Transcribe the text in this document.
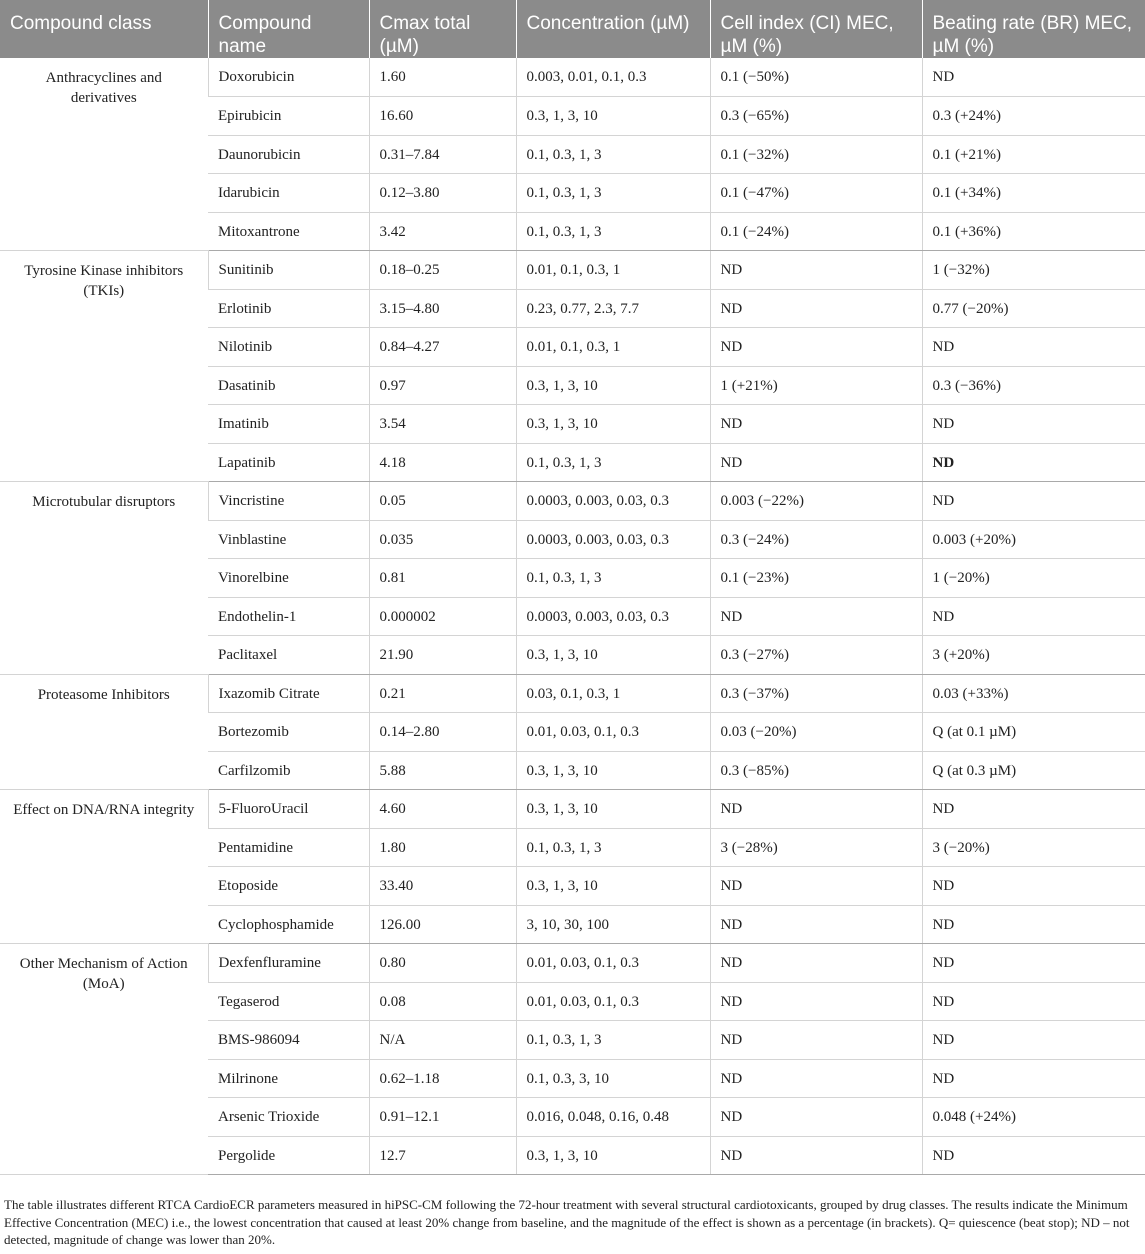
Compound class	Compound name	Cmax total (µM)	Concentration (µM)	Cell index (CI) MEC, µM (%)	Beating rate (BR) MEC, µM (%)
Anthracyclines and derivatives	Doxorubicin	1.60	0.003, 0.01, 0.1, 0.3	0.1 (−50%)	ND
	Epirubicin	16.60	0.3, 1, 3, 10	0.3 (−65%)	0.3 (+24%)
	Daunorubicin	0.31–7.84	0.1, 0.3, 1, 3	0.1 (−32%)	0.1 (+21%)
	Idarubicin	0.12–3.80	0.1, 0.3, 1, 3	0.1 (−47%)	0.1 (+34%)
	Mitoxantrone	3.42	0.1, 0.3, 1, 3	0.1 (−24%)	0.1 (+36%)
Tyrosine Kinase inhibitors (TKIs)	Sunitinib	0.18–0.25	0.01, 0.1, 0.3, 1	ND	1 (−32%)
	Erlotinib	3.15–4.80	0.23, 0.77, 2.3, 7.7	ND	0.77 (−20%)
	Nilotinib	0.84–4.27	0.01, 0.1, 0.3, 1	ND	ND
	Dasatinib	0.97	0.3, 1, 3, 10	1 (+21%)	0.3 (−36%)
	Imatinib	3.54	0.3, 1, 3, 10	ND	ND
	Lapatinib	4.18	0.1, 0.3, 1, 3	ND	ND
Microtubular disruptors	Vincristine	0.05	0.0003, 0.003, 0.03, 0.3	0.003 (−22%)	ND
	Vinblastine	0.035	0.0003, 0.003, 0.03, 0.3	0.3 (−24%)	0.003 (+20%)
	Vinorelbine	0.81	0.1, 0.3, 1, 3	0.1 (−23%)	1 (−20%)
	Endothelin-1	0.000002	0.0003, 0.003, 0.03, 0.3	ND	ND
	Paclitaxel	21.90	0.3, 1, 3, 10	0.3 (−27%)	3 (+20%)
Proteasome Inhibitors	Ixazomib Citrate	0.21	0.03, 0.1, 0.3, 1	0.3 (−37%)	0.03 (+33%)
	Bortezomib	0.14–2.80	0.01, 0.03, 0.1, 0.3	0.03 (−20%)	Q (at 0.1 µM)
	Carfilzomib	5.88	0.3, 1, 3, 10	0.3 (−85%)	Q (at 0.3 µM)
Effect on DNA/RNA integrity	5-FluoroUracil	4.60	0.3, 1, 3, 10	ND	ND
	Pentamidine	1.80	0.1, 0.3, 1, 3	3 (−28%)	3 (−20%)
	Etoposide	33.40	0.3, 1, 3, 10	ND	ND
	Cyclophosphamide	126.00	3, 10, 30, 100	ND	ND
Other Mechanism of Action (MoA)	Dexfenfluramine	0.80	0.01, 0.03, 0.1, 0.3	ND	ND
	Tegaserod	0.08	0.01, 0.03, 0.1, 0.3	ND	ND
	BMS-986094	N/A	0.1, 0.3, 1, 3	ND	ND
	Milrinone	0.62–1.18	0.1, 0.3, 3, 10	ND	ND
	Arsenic Trioxide	0.91–12.1	0.016, 0.048, 0.16, 0.48	ND	0.048 (+24%)
	Pergolide	12.7	0.3, 1, 3, 10	ND	ND

The table illustrates different RTCA CardioECR parameters measured in hiPSC-CM following the 72-hour treatment with several structural cardiotoxicants, grouped by drug classes. The results indicate the Minimum Effective Concentration (MEC) i.e., the lowest concentration that caused at least 20% change from baseline, and the magnitude of the effect is shown as a percentage (in brackets). Q= quiescence (beat stop); ND – not detected, magnitude of change was lower than 20%.
